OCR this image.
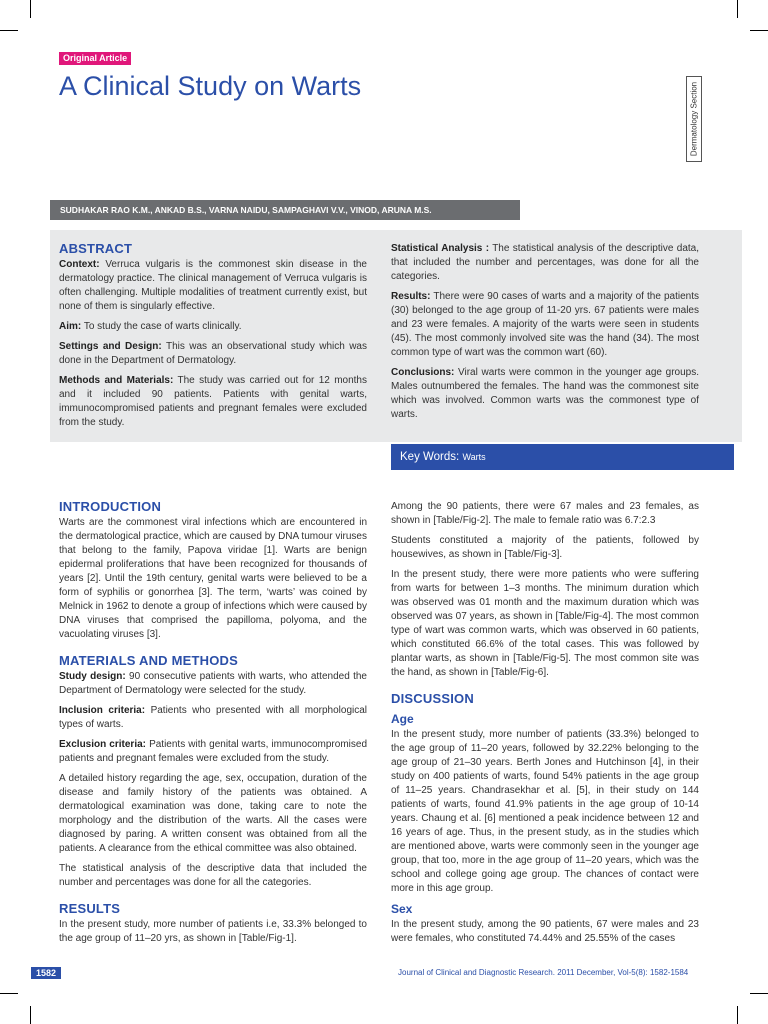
Original Article
A Clinical Study on Warts	Dermatology Section
SUDHAKAR RAO K.M., ANKAD B.S., VARNA NAIDU, SAMPAGHAVI V.V., VINOD, ARUNA M.S.
ABSTRACT

Context: Verruca vulgaris is the commonest skin disease in the dermatology practice. The clinical management of Verruca vulgaris is often challenging. Multiple modalities of treatment currently exist, but none of them is singularly effective.

Aim: To study the case of warts clinically.

Settings and Design: This was an observational study which was done in the Department of Dermatology.

Methods and Materials: The study was carried out for 12 months and it included 90 patients. Patients with genital warts, immunocompromised patients and pregnant females were excluded from the study.

Statistical Analysis : The statistical analysis of the descriptive data, that included the number and percentages, was done for all the categories.

Results: There were 90 cases of warts and a majority of the patients (30) belonged to the age group of 11-20 yrs. 67 patients were males and 23 were females. A majority of the warts were seen in students (45). The most commonly involved site was the hand (34). The most common type of wart was the common wart (60).

Conclusions: Viral warts were common in the younger age groups. Males outnumbered the females. The hand was the commonest site which was involved. Common warts was the commonest type of warts.

Key Words: Warts
INTRODUCTION

Warts are the commonest viral infections which are encountered in the dermatological practice, which are caused by DNA tumour viruses that belong to the family, Papova viridae [1]. Warts are benign epidermal proliferations that have been recognized for thousands of years [2]. Until the 19th century, genital warts were believed to be a form of syphilis or gonorrhea [3]. The term, ‘warts’ was coined by Melnick in 1962 to denote a group of infections which were caused by DNA viruses that comprised the papilloma, polyoma, and the vacuolating viruses [3].

MATERIALS AND METHODS

Study design: 90 consecutive patients with warts, who attended the Department of Dermatology were selected for the study.

Inclusion criteria: Patients who presented with all morphological types of warts.

Exclusion criteria: Patients with genital warts, immunocompromised patients and pregnant females were excluded from the study.

A detailed history regarding the age, sex, occupation, duration of the disease and family history of the patients was obtained. A dermatological examination was done, taking care to note the morphology and the distribution of the warts. All the cases were diagnosed by paring. A written consent was obtained from all the patients. A clearance from the ethical committee was also obtained.

The statistical analysis of the descriptive data that included the number and percentages was done for all the categories.

RESULTS

In the present study, more number of patients i.e, 33.3% belonged to the age group of 11–20 yrs, as shown in [Table/Fig-1].

Among the 90 patients, there were 67 males and 23 females, as shown in [Table/Fig-2]. The male to female ratio was 6.7:2.3

Students constituted a majority of the patients, followed by housewives, as shown in [Table/Fig-3].

In the present study, there were more patients who were suffering from warts for between 1–3 months. The minimum duration which was observed was 01 month and the maximum duration which was observed was 07 years, as shown in [Table/Fig-4]. The most common type of wart was common warts, which was observed in 60 patients, which constituted 66.6% of the total cases. This was followed by plantar warts, as shown in [Table/Fig-5]. The most common site was the hand, as shown in [Table/Fig-6].

DISCUSSION
Age

In the present study, more number of patients (33.3%) belonged to the age group of 11–20 years, followed by 32.22% belonging to the age group of 21–30 years. Berth Jones and Hutchinson [4], in their study on 400 patients of warts, found 54% patients in the age group of 11–25 years. Chandrasekhar et al. [5], in their study on 144 patients of warts, found 41.9% patients in the age group of 10-14 years. Chaung et al. [6] mentioned a peak incidence between 12 and 16 years of age. Thus, in the present study, as in the studies which are mentioned above, warts were commonly seen in the younger age group, that too, more in the age group of 11–20 years, which was the school and college going age group. The chances of contact were more in this age group.

Sex

In the present study, among the 90 patients, 67 were males and 23 were females, who constituted 74.44% and 25.55% of the cases

1582	Journal of Clinical and Diagnostic Research. 2011 December, Vol-5(8): 1582-1584
